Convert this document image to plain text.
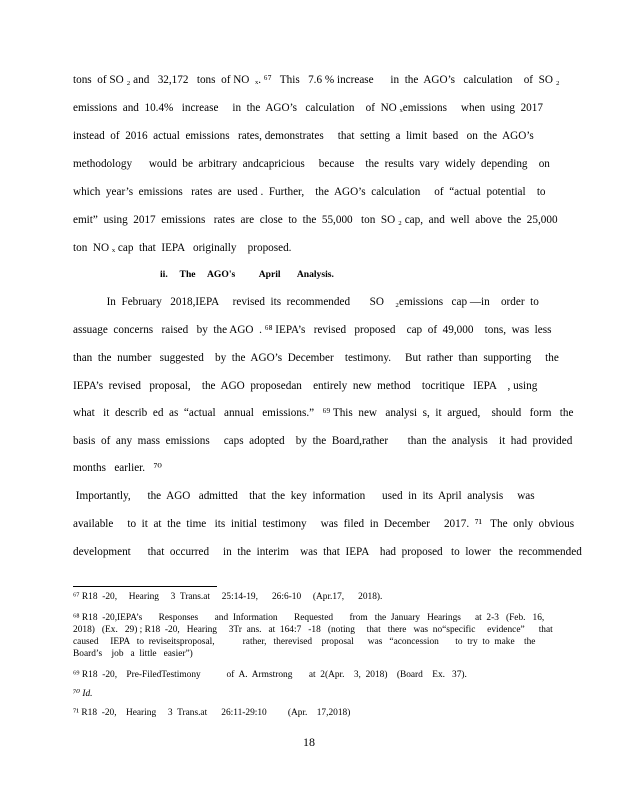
tons  of SO ₂ and   32,172   tons  of NO  ₓ. ⁶⁷   This   7.6 % increase      in  the  AGO’s   calculation    of  SO ₂
emissions  and  10.4%   increase     in  the  AGO’s   calculation    of  NO ₓemissions     when  using  2017
instead  of  2016  actual  emissions   rates, demonstrates     that  setting  a  limit  based   on  the  AGO’s
methodology      would  be  arbitrary  andcapricious     because    the  results  vary  widely  depending    on
which  year’s  emissions   rates  are  used .  Further,    the  AGO’s  calculation     of  “actual  potential    to
emit”  using  2017  emissions   rates  are  close  to  the  55,000   ton  SO ₂ cap,  and  well  above  the  25,000
ton  NO ₓ cap  that  IEPA   originally    proposed.
ii.     The     AGO's          April       Analysis.
In  February   2018,IEPA     revised  its  recommended       SO    ₂emissions   cap —in    order  to
assuage  concerns   raised   by  the AGO  . ⁶⁸ IEPA’s   revised   proposed    cap  of  49,000    tons,  was  less
than  the  number   suggested    by  the  AGO’s  December    testimony.     But  rather  than  supporting     the
IEPA’s  revised   proposal,    the  AGO  proposedan    entirely  new  method    tocritique   IEPA    , using
what   it  describ  ed  as  “actual   annual   emissions.”   ⁶⁹ This  new   analysi  s,  it  argued,    should   form   the
basis  of  any  mass  emissions     caps  adopted    by  the  Board,rather       than  the  analysis    it  had  provided
months   earlier.   ⁷⁰
Importantly,      the  AGO   admitted    that  the  key  information      used  in  its  April  analysis     was
available     to  it  at  the  time   its  initial  testimony     was  filed  in  December     2017.  ⁷¹   The  only  obvious
development      that  occurred     in  the  interim    was  that  IEPA    had  proposed   to  lower   the  recommended
⁶⁷ R18  -20,     Hearing     3  Trans.at     25:14-19,      26:6-10     (Apr.17,      2018).
⁶⁸ R18  -20,IEPA’s       Responses       and  Information       Requested       from   the  January   Hearings      at  2-3   (Feb.   16,
2018)   (Ex.   29) ; R18  -20,   Hearing     3Tr  ans.   at  164:7   -18   (noting     that   there   was  no“specific     evidence”      that
caused     IEPA   to  reviseitsproposal,            rather,   therevised    proposal      was   “aconcession       to  try  to  make    the
Board’s    job   a  little   easier”)
⁶⁹ R18  -20,    Pre-FiledTestimony           of  A.  Armstrong       at  2(Apr.    3,  2018)    (Board    Ex.   37).
⁷⁰ Id.
⁷¹ R18  -20,    Hearing     3  Trans.at      26:11-29:10         (Apr.    17,2018)
18
